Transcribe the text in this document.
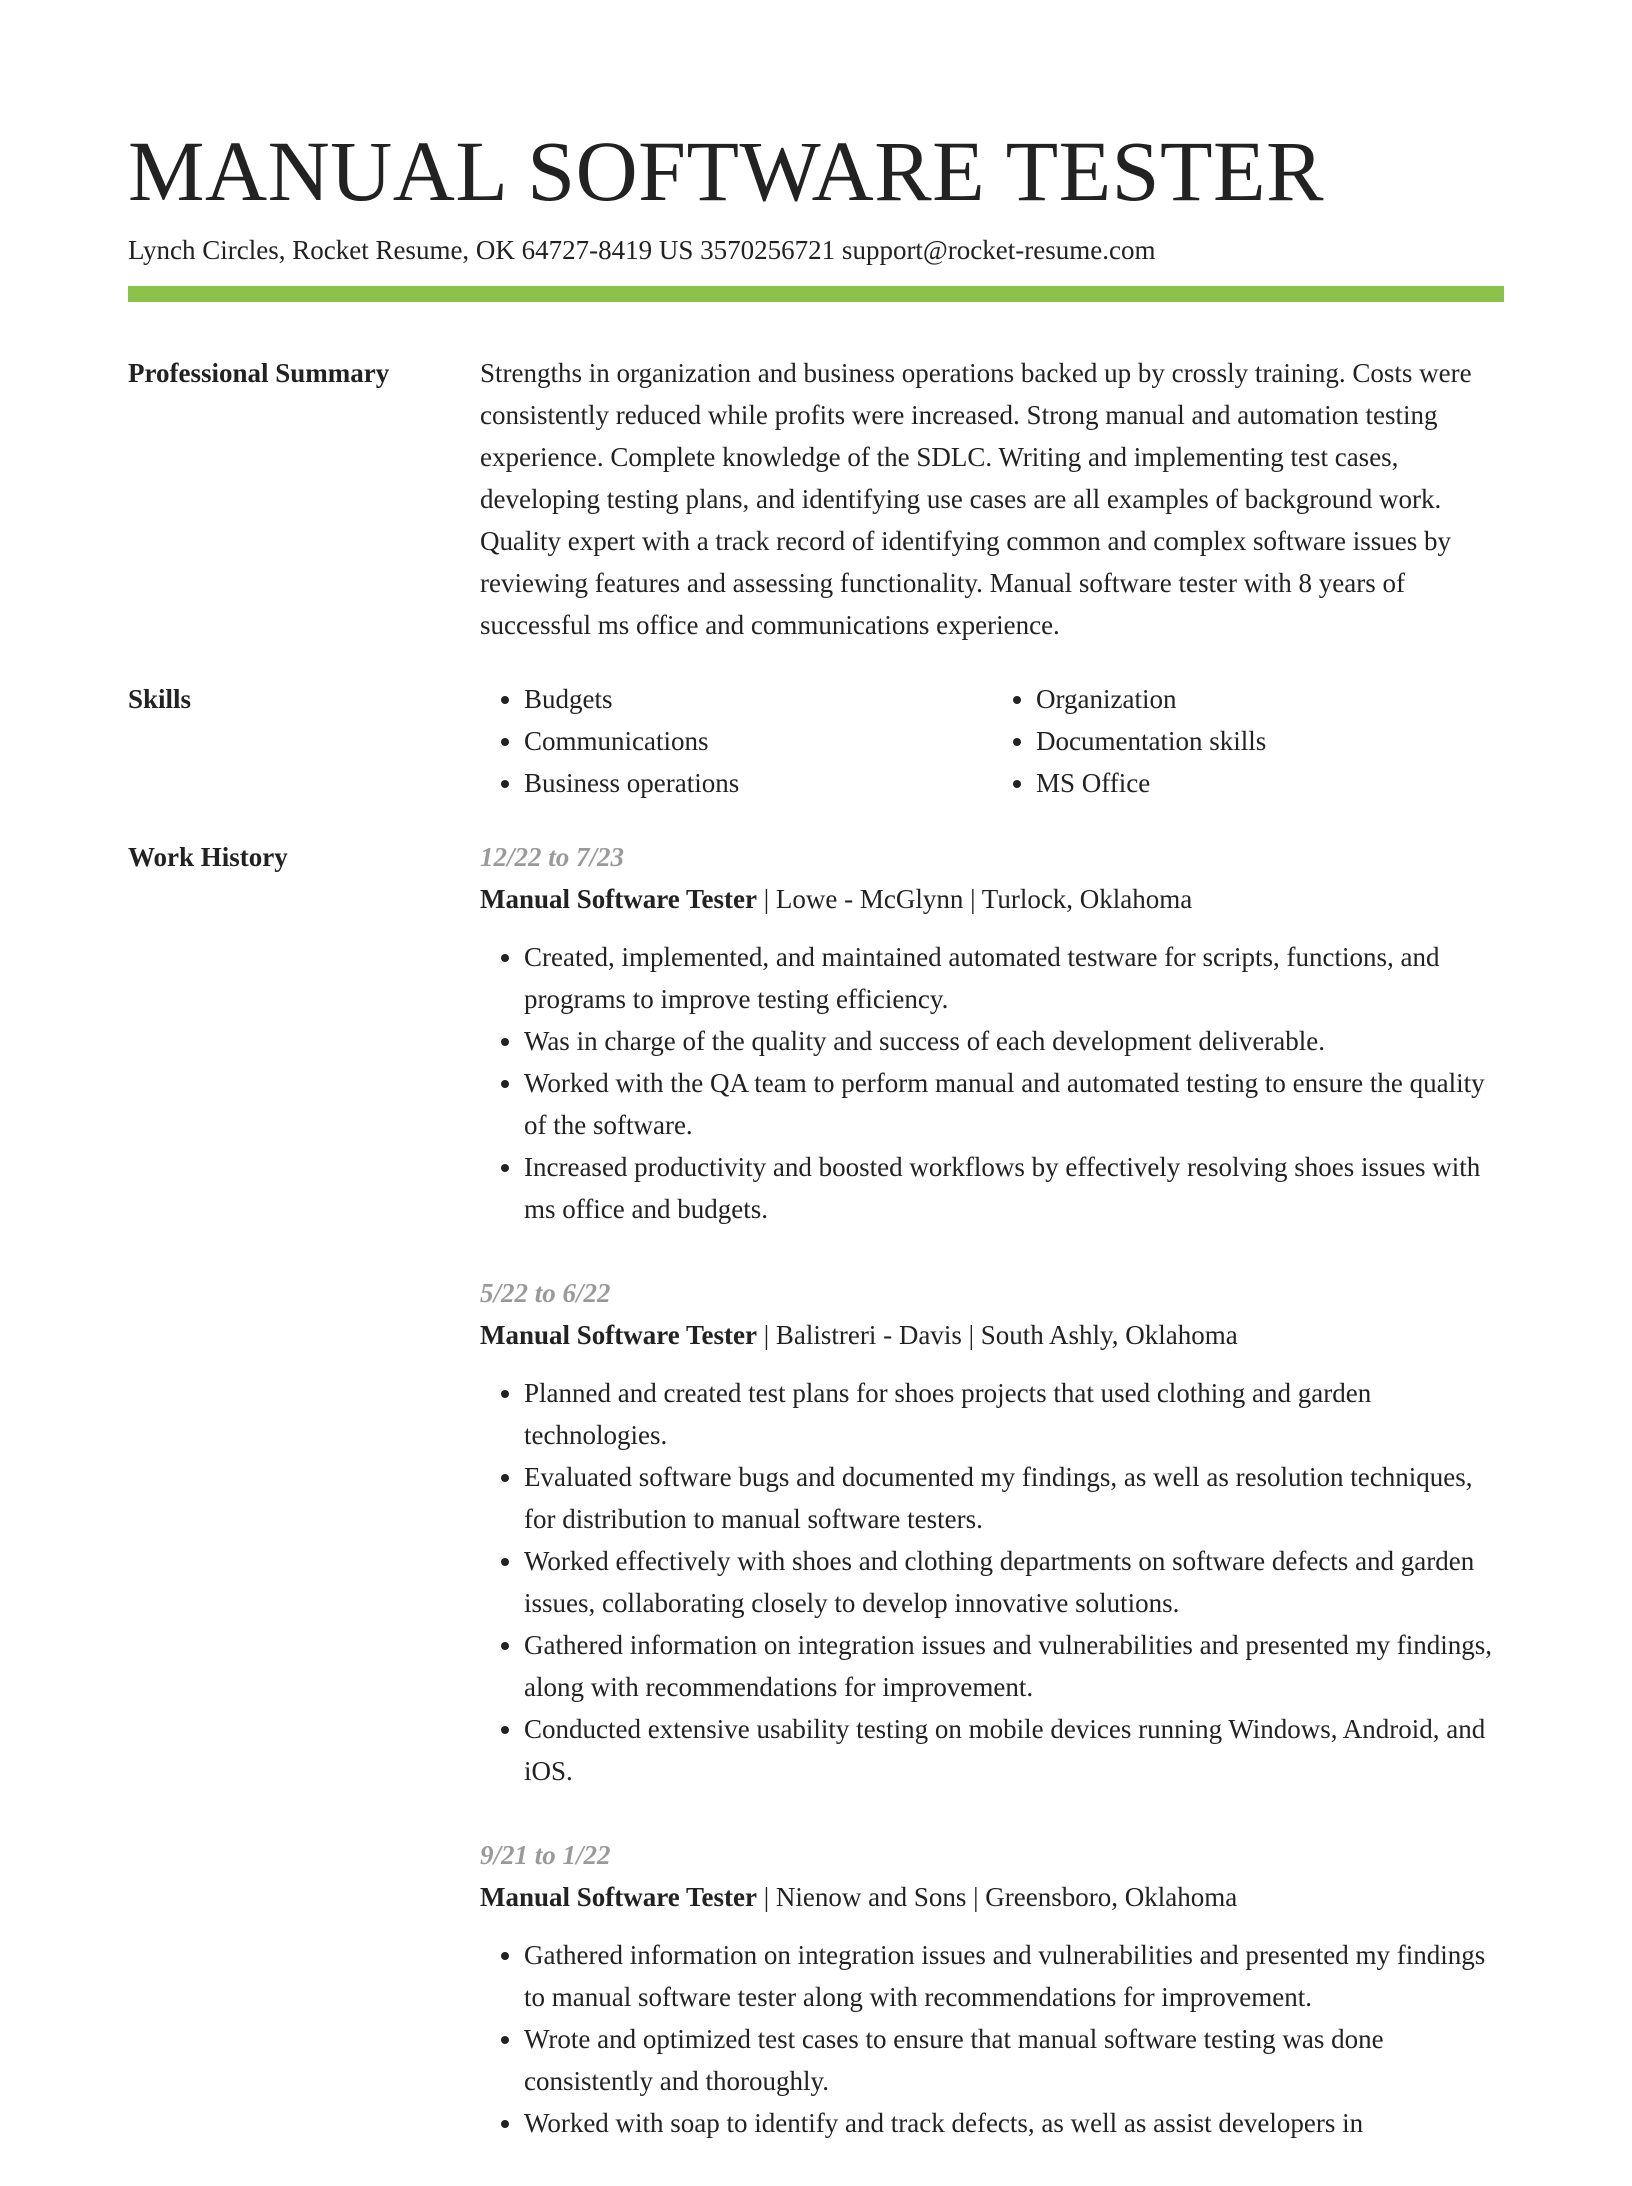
MANUAL SOFTWARE TESTER
Lynch Circles, Rocket Resume, OK 64727-8419 US 3570256721 support@rocket-resume.com
Professional Summary	Strengths in organization and business operations backed up by crossly training. Costs were consistently reduced while profits were increased. Strong manual and automation testing experience. Complete knowledge of the SDLC. Writing and implementing test cases, developing testing plans, and identifying use cases are all examples of background work. Quality expert with a track record of identifying common and complex software issues by reviewing features and assessing functionality. Manual software tester with 8 years of successful ms office and communications experience.
Skills
•	Budgets
• Communications
• Business operations
• Organization
• Documentation skills
• MS Office
Work History	12/22 to 7/23
Manual Software Tester | Lowe - McGlynn | Turlock, Oklahoma
• Created, implemented, and maintained automated testware for scripts, functions, and programs to improve testing efficiency.
• Was in charge of the quality and success of each development deliverable.
• Worked with the QA team to perform manual and automated testing to ensure the quality of the software.
• Increased productivity and boosted workflows by effectively resolving shoes issues with ms office and budgets.
5/22 to 6/22
Manual Software Tester | Balistreri - Davis | South Ashly, Oklahoma
• Planned and created test plans for shoes projects that used clothing and garden technologies.
• Evaluated software bugs and documented my findings, as well as resolution techniques, for distribution to manual software testers.
• Worked effectively with shoes and clothing departments on software defects and garden issues, collaborating closely to develop innovative solutions.
• Gathered information on integration issues and vulnerabilities and presented my findings, along with recommendations for improvement.
• Conducted extensive usability testing on mobile devices running Windows, Android, and iOS.
9/21 to 1/22
Manual Software Tester | Nienow and Sons | Greensboro, Oklahoma
• Gathered information on integration issues and vulnerabilities and presented my findings to manual software tester along with recommendations for improvement.
• Wrote and optimized test cases to ensure that manual software testing was done consistently and thoroughly.
• Worked with soap to identify and track defects, as well as assist developers in
